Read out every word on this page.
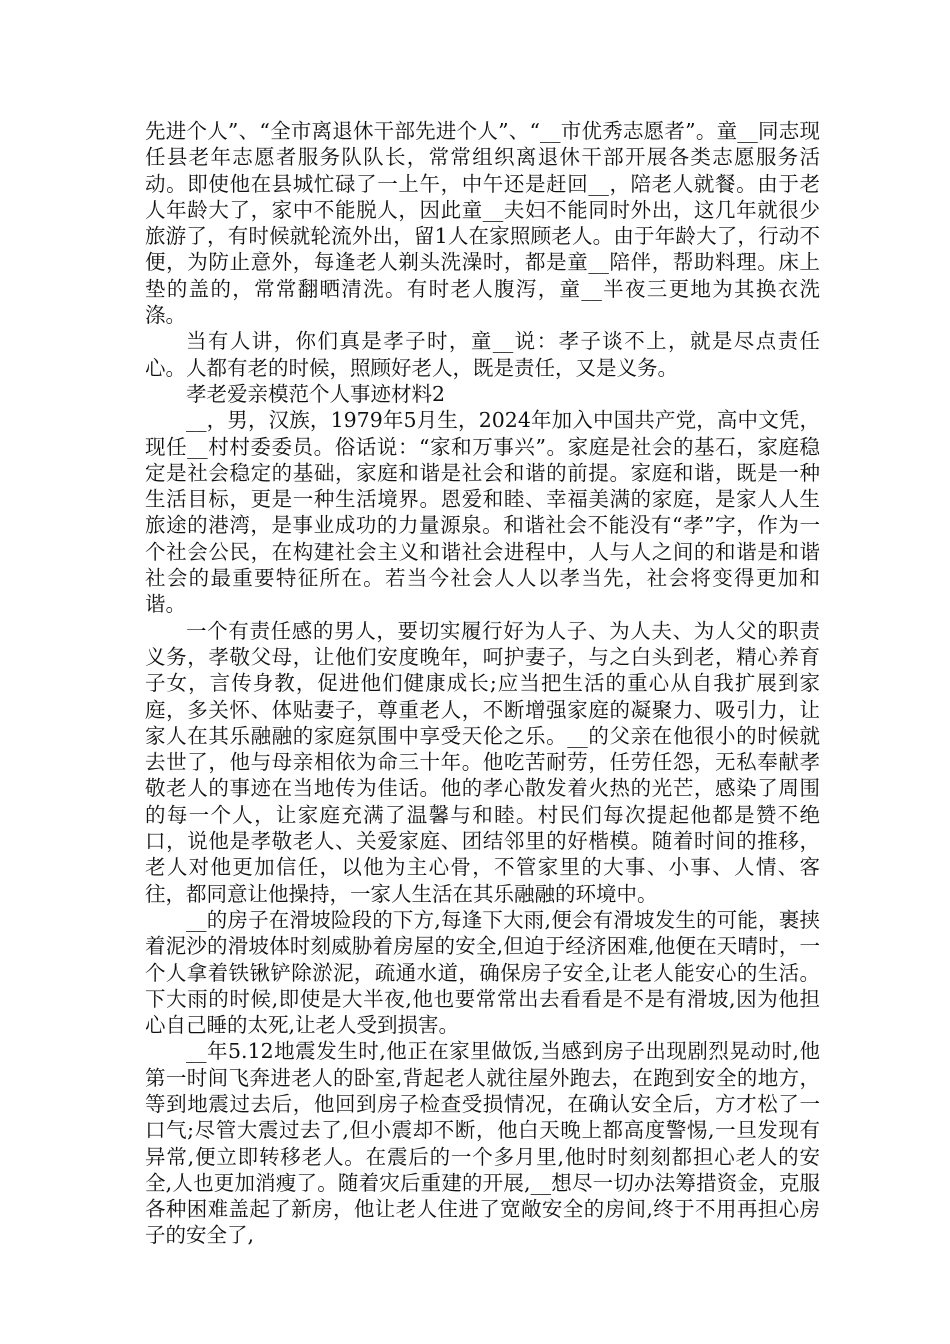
先进个人”、“全市离退休干部先进个人”、“__市优秀志愿者”。童__同志现任县老年志愿者服务队队长，常常组织离退休干部开展各类志愿服务活动。即使他在县城忙碌了一上午，中午还是赶回__，陪老人就餐。由于老人年龄大了，家中不能脱人，因此童__夫妇不能同时外出，这几年就很少旅游了，有时候就轮流外出，留1人在家照顾老人。由于年龄大了，行动不便，为防止意外，每逢老人剃头洗澡时，都是童__陪伴，帮助料理。床上垫的盖的，常常翻晒清洗。有时老人腹泻，童__半夜三更地为其换衣洗涤。

当有人讲，你们真是孝子时，童__说：孝子谈不上，就是尽点责任心。人都有老的时候，照顾好老人，既是责任，又是义务。

孝老爱亲模范个人事迹材料2

__，男，汉族，1979年5月生，2024年加入中国共产党，高中文凭，现任__村村委委员。俗话说：“家和万事兴”。家庭是社会的基石，家庭稳定是社会稳定的基础，家庭和谐是社会和谐的前提。家庭和谐，既是一种生活目标，更是一种生活境界。恩爱和睦、幸福美满的家庭，是家人人生旅途的港湾，是事业成功的力量源泉。和谐社会不能没有“孝”字，作为一个社会公民，在构建社会主义和谐社会进程中，人与人之间的和谐是和谐社会的最重要特征所在。若当今社会人人以孝当先，社会将变得更加和谐。

一个有责任感的男人，要切实履行好为人子、为人夫、为人父的职责义务，孝敬父母，让他们安度晚年，呵护妻子，与之白头到老，精心养育子女，言传身教，促进他们健康成长;应当把生活的重心从自我扩展到家庭，多关怀、体贴妻子，尊重老人，不断增强家庭的凝聚力、吸引力，让家人在其乐融融的家庭氛围中享受天伦之乐。__的父亲在他很小的时候就去世了，他与母亲相依为命三十年。他吃苦耐劳，任劳任怨，无私奉献孝敬老人的事迹在当地传为佳话。他的孝心散发着火热的光芒，感染了周围的每一个人，让家庭充满了温馨与和睦。村民们每次提起他都是赞不绝口，说他是孝敬老人、关爱家庭、团结邻里的好楷模。随着时间的推移，老人对他更加信任，以他为主心骨，不管家里的大事、小事、人情、客往，都同意让他操持，一家人生活在其乐融融的环境中。

__的房子在滑坡险段的下方,每逢下大雨,便会有滑坡发生的可能，裹挟着泥沙的滑坡体时刻威胁着房屋的安全,但迫于经济困难,他便在天晴时，一个人拿着铁锹铲除淤泥，疏通水道，确保房子安全,让老人能安心的生活。下大雨的时候,即使是大半夜,他也要常常出去看看是不是有滑坡,因为他担心自己睡的太死,让老人受到损害。

__年5.12地震发生时,他正在家里做饭,当感到房子出现剧烈晃动时,他第一时间飞奔进老人的卧室,背起老人就往屋外跑去，在跑到安全的地方，等到地震过去后，他回到房子检查受损情况，在确认安全后，方才松了一口气;尽管大震过去了,但小震却不断，他白天晚上都高度警惕,一旦发现有异常,便立即转移老人。在震后的一个多月里,他时时刻刻都担心老人的安全,人也更加消瘦了。随着灾后重建的开展,__想尽一切办法筹措资金，克服各种困难盖起了新房，他让老人住进了宽敞安全的房间,终于不用再担心房子的安全了,
